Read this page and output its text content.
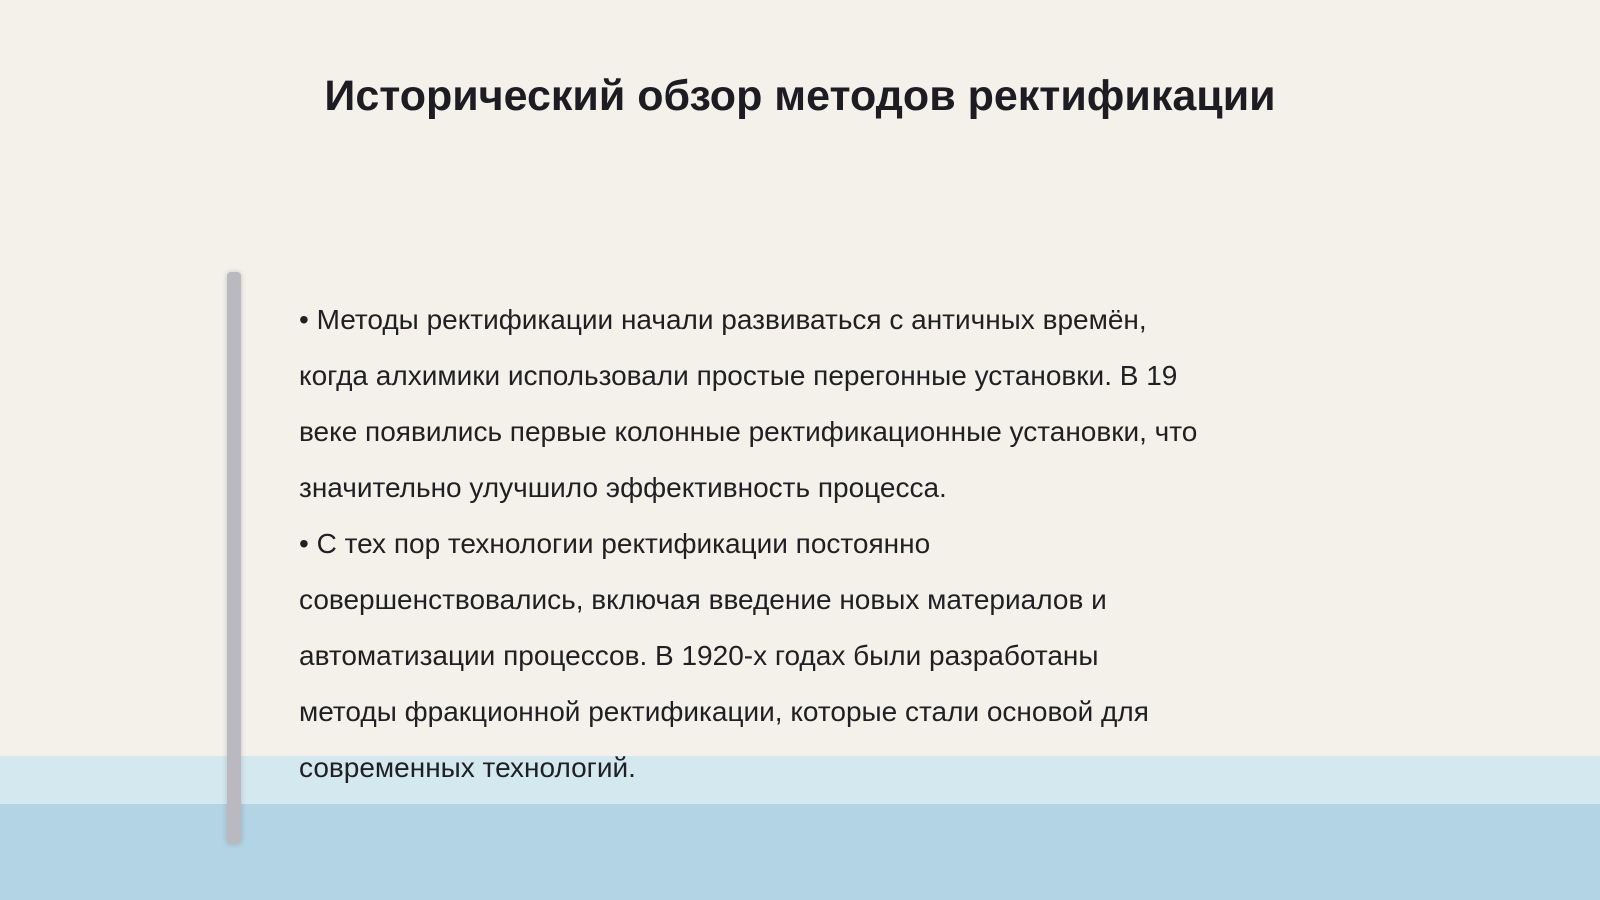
Исторический обзор методов ректификации

• Методы ректификации начали развиваться с античных времён,
когда алхимики использовали простые перегонные установки. В 19
веке появились первые колонные ректификационные установки, что
значительно улучшило эффективность процесса.

• С тех пор технологии ректификации постоянно
совершенствовались, включая введение новых материалов и
автоматизации процессов. В 1920-х годах были разработаны
методы фракционной ректификации, которые стали основой для
современных технологий.
